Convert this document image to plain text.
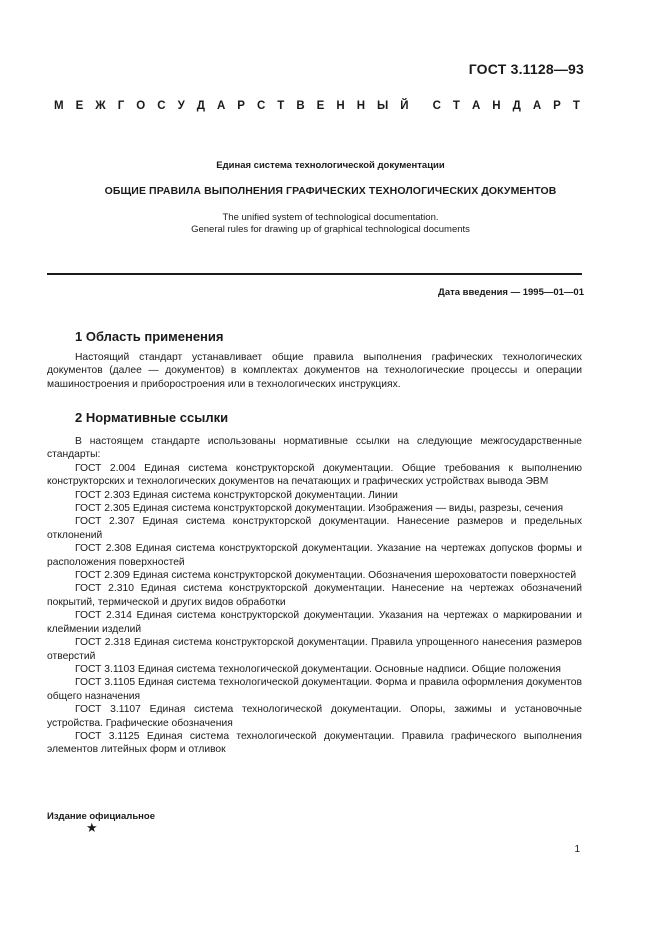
ГОСТ 3.1128—93
М Е Ж Г О С У Д А Р С Т В Е Н Н Ы Й С Т А Н Д А Р Т
Единая система технологической документации
ОБЩИЕ ПРАВИЛА ВЫПОЛНЕНИЯ ГРАФИЧЕСКИХ ТЕХНОЛОГИЧЕСКИХ ДОКУМЕНТОВ
The unified system of technological documentation.
General rules for drawing up of graphical technological documents
Дата введения — 1995—01—01
1 Область применения

Настоящий стандарт устанавливает общие правила выполнения графических технологических документов (далее — документов) в комплектах документов на технологические процессы и операции машиностроения и приборостроения или в технологических инструкциях.

2 Нормативные ссылки

В настоящем стандарте использованы нормативные ссылки на следующие межгосударственные стандарты:

ГОСТ 2.004 Единая система конструкторской документации. Общие требования к выполнению конструкторских и технологических документов на печатающих и графических устройствах вывода ЭВМ

ГОСТ 2.303 Единая система конструкторской документации. Линии

ГОСТ 2.305 Единая система конструкторской документации. Изображения — виды, разрезы, сечения

ГОСТ 2.307 Единая система конструкторской документации. Нанесение размеров и предельных отклонений

ГОСТ 2.308 Единая система конструкторской документации. Указание на чертежах допусков формы и расположения поверхностей

ГОСТ 2.309 Единая система конструкторской документации. Обозначения шероховатости поверхностей

ГОСТ 2.310 Единая система конструкторской документации. Нанесение на чертежах обозначений покрытий, термической и других видов обработки

ГОСТ 2.314 Единая система конструкторской документации. Указания на чертежах о маркировании и клеймении изделий

ГОСТ 2.318 Единая система конструкторской документации. Правила упрощенного нанесения размеров отверстий

ГОСТ 3.1103 Единая система технологической документации. Основные надписи. Общие положения

ГОСТ 3.1105 Единая система технологической документации. Форма и правила оформления документов общего назначения

ГОСТ 3.1107 Единая система технологической документации. Опоры, зажимы и установочные устройства. Графические обозначения

ГОСТ 3.1125 Единая система технологической документации. Правила графического выполнения элементов литейных форм и отливок

Издание официальное
★
1
